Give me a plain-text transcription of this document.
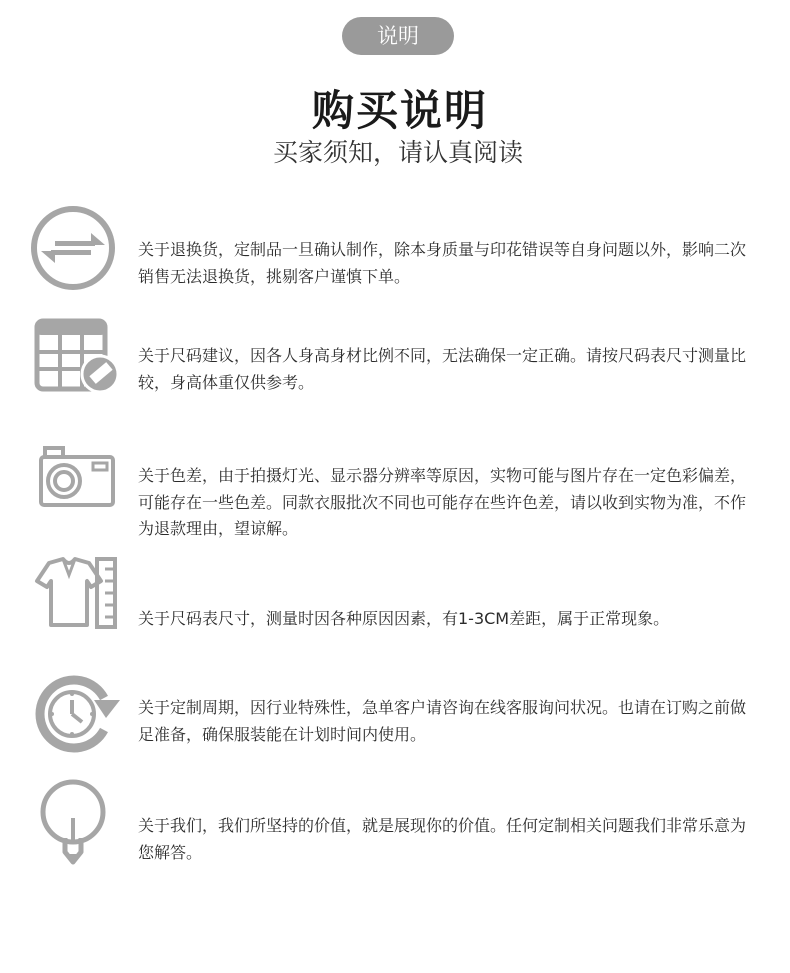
说明
购买说明
买家须知，请认真阅读
关于退换货，定制品一旦确认制作，除本身质量与印花错误等自身问题以外，影响二次销售无法退换货，挑剔客户谨慎下单。
关于尺码建议，因各人身高身材比例不同，无法确保一定正确。请按尺码表尺寸测量比较，身高体重仅供参考。
关于色差，由于拍摄灯光、显示器分辨率等原因，实物可能与图片存在一定色彩偏差，可能存在一些色差。同款衣服批次不同也可能存在些许色差，请以收到实物为准，不作为退款理由，望谅解。
关于尺码表尺寸，测量时因各种原因因素，有1-3CM差距，属于正常现象。
关于定制周期，因行业特殊性，急单客户请咨询在线客服询问状况。也请在订购之前做足准备，确保服装能在计划时间内使用。
关于我们，我们所坚持的价值，就是展现你的价值。任何定制相关问题我们非常乐意为您解答。
